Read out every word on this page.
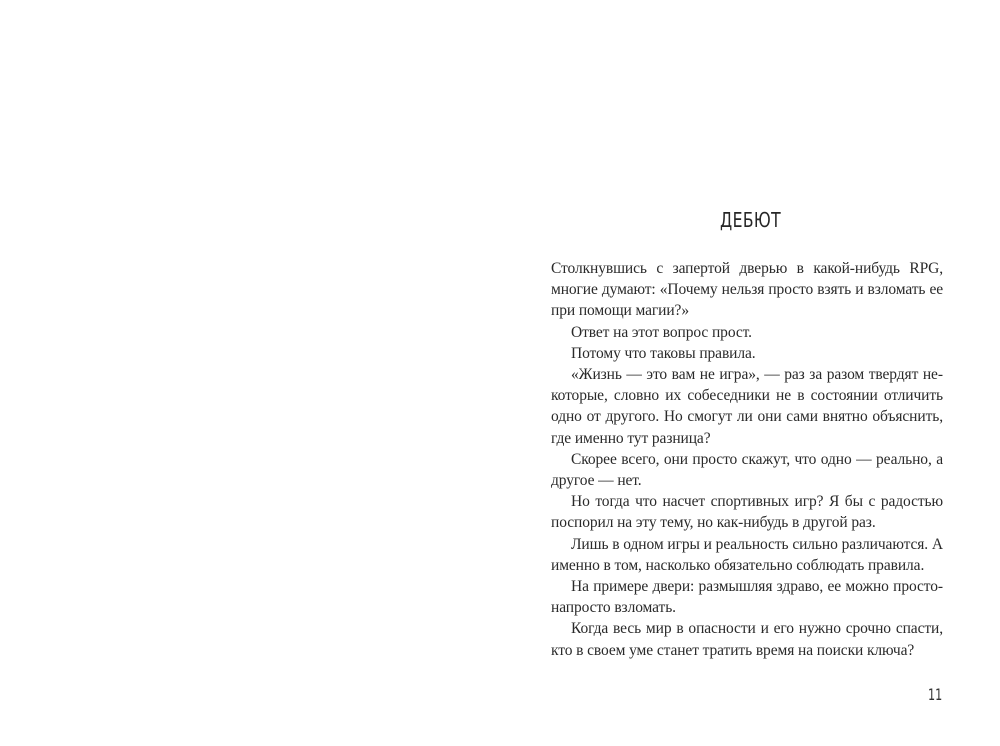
ДЕБЮТ

Столкнувшись с запертой дверью в какой-нибудь RPG, многие думают: «Почему нельзя просто взять и взломать ее при помощи магии?»

Ответ на этот вопрос прост.

Потому что таковы правила.

«Жизнь — это вам не игра», — раз за разом твердят некоторые, словно их собеседники не в состоянии отличить одно от другого. Но смогут ли они сами внятно объяснить, где именно тут разница?

Скорее всего, они просто скажут, что одно — реально, а другое — нет.

Но тогда что насчет спортивных игр? Я бы с радостью поспорил на эту тему, но как-нибудь в другой раз.

Лишь в одном игры и реальность сильно различаются. А именно в том, насколько обязательно соблюдать правила.

На примере двери: размышляя здраво, ее можно просто-напросто взломать.

Когда весь мир в опасности и его нужно срочно спасти, кто в своем уме станет тратить время на поиски ключа?

11
